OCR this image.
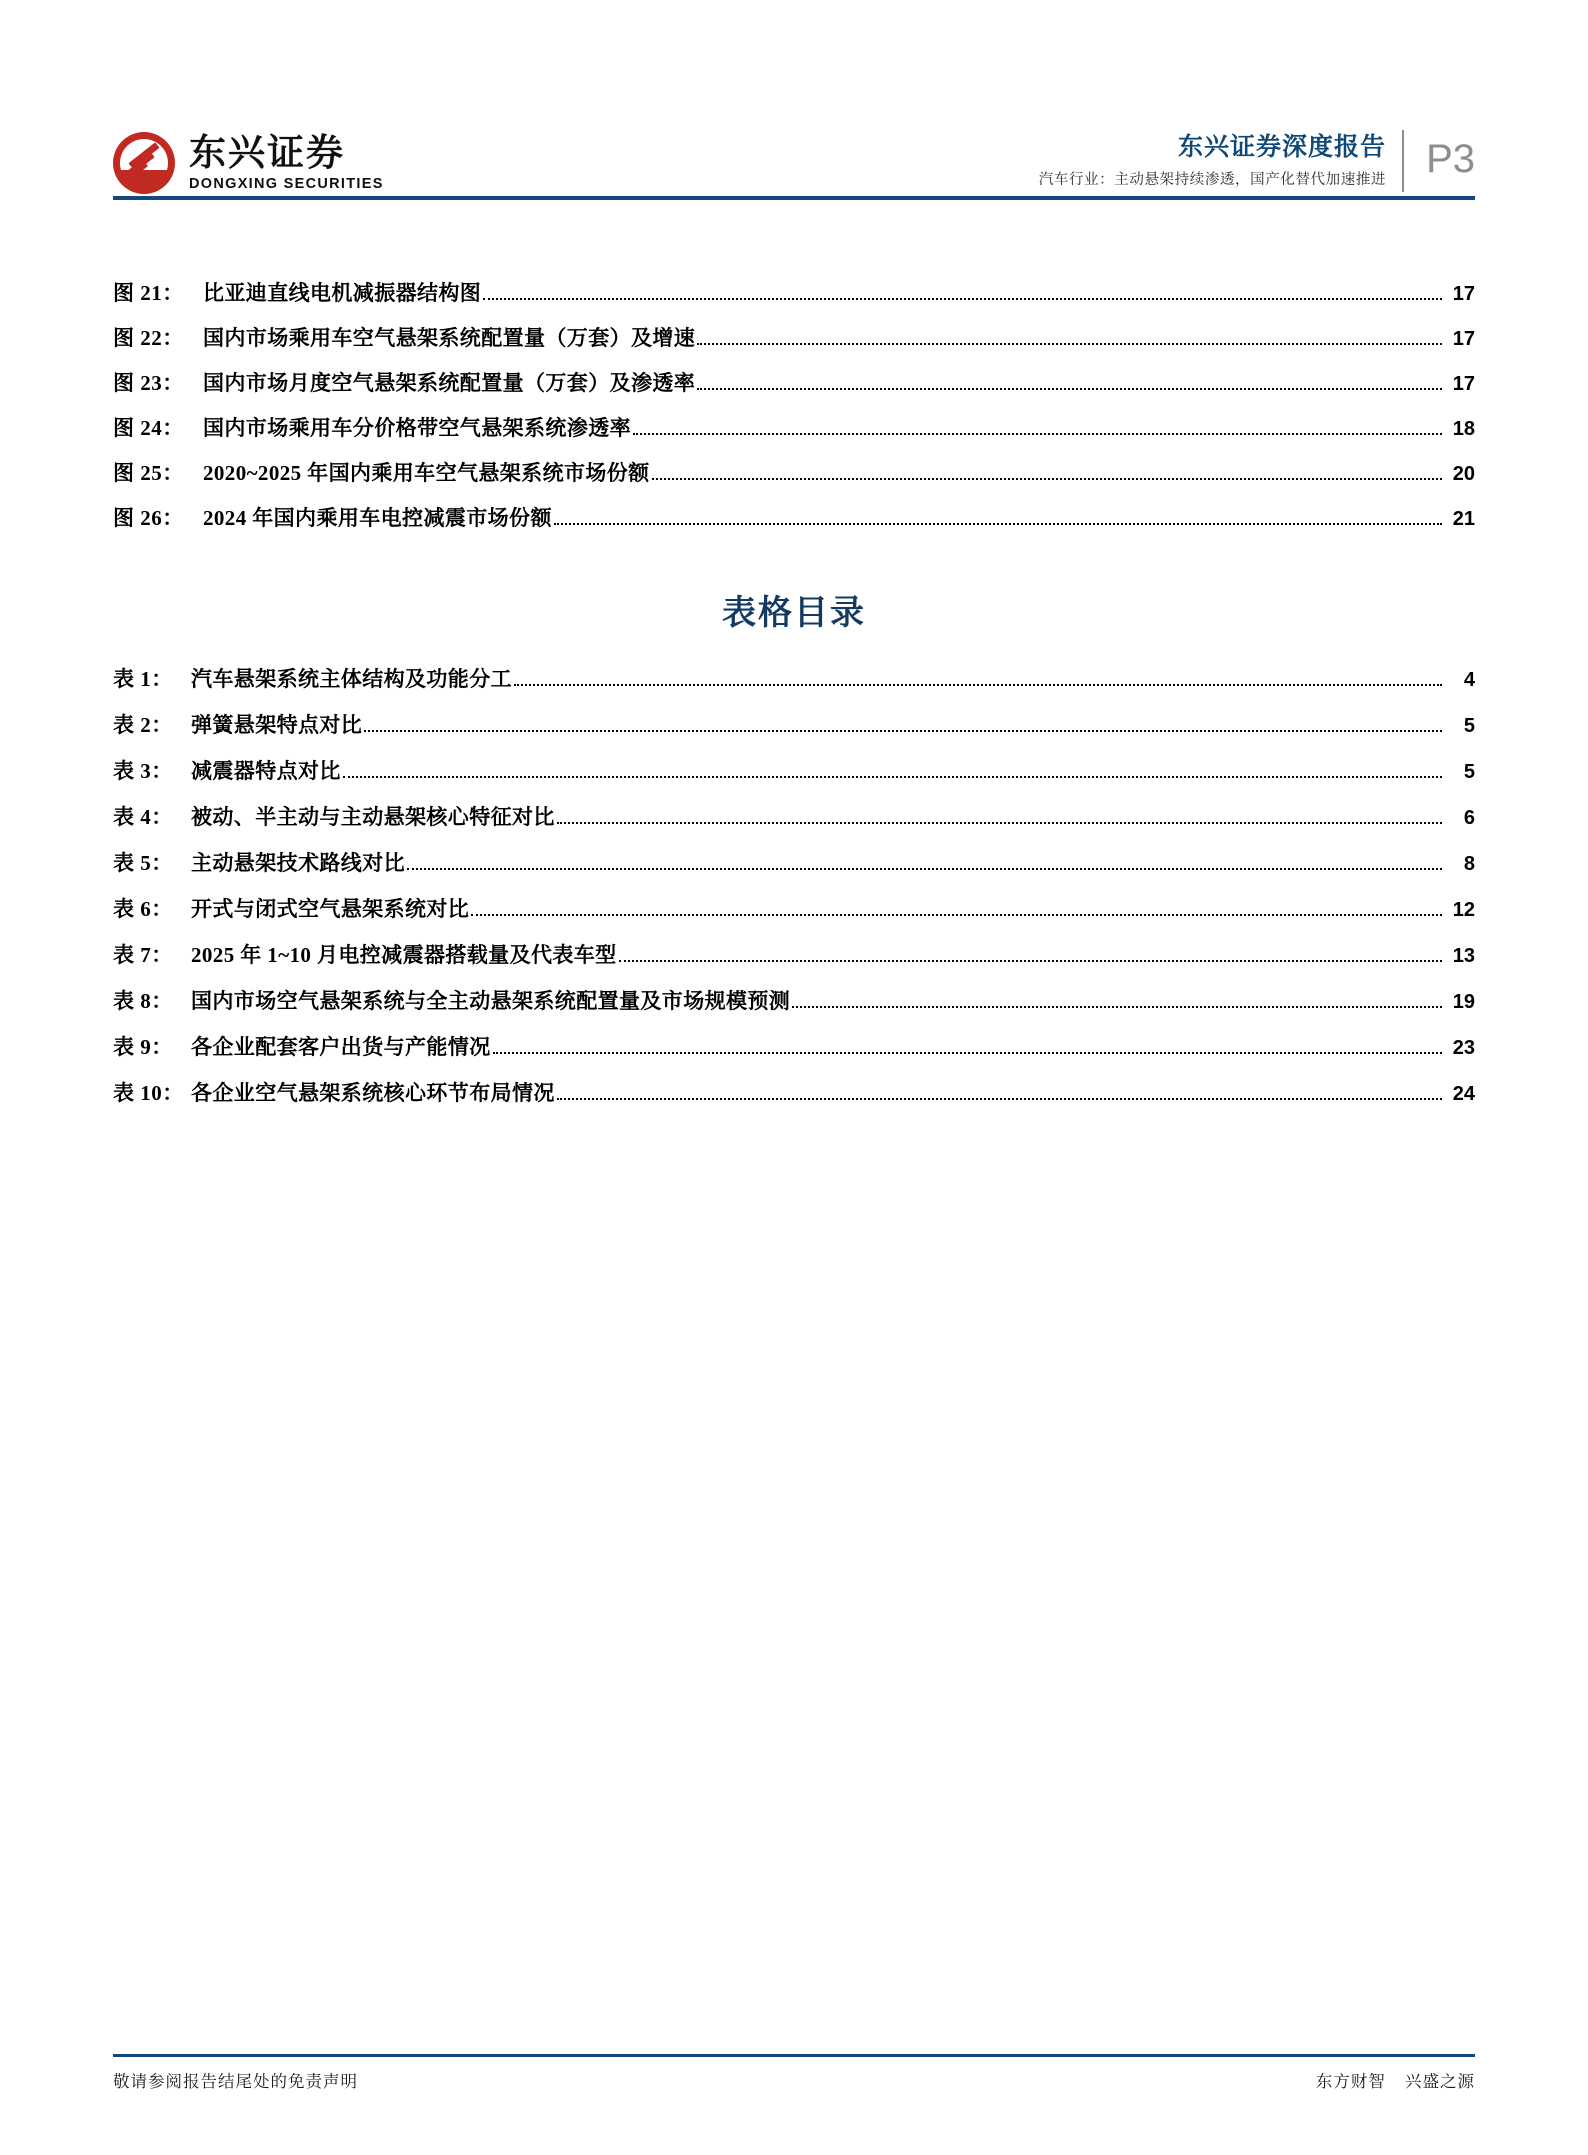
东兴证券
DONGXING SECURITIES
东兴证券深度报告
汽车行业：主动悬架持续渗透，国产化替代加速推进 P3
图 21： 比亚迪直线电机减振器结构图	17
图 22： 国内市场乘用车空气悬架系统配置量（万套）及增速	17
图 23： 国内市场月度空气悬架系统配置量（万套）及渗透率	17
图 24： 国内市场乘用车分价格带空气悬架系统渗透率	18
图 25： 2020~2025 年国内乘用车空气悬架系统市场份额	20
图 26： 2024 年国内乘用车电控减震市场份额	21
表格目录
表 1： 汽车悬架系统主体结构及功能分工	4
表 2： 弹簧悬架特点对比	5
表 3： 减震器特点对比	5
表 4： 被动、半主动与主动悬架核心特征对比	6
表 5： 主动悬架技术路线对比	8
表 6： 开式与闭式空气悬架系统对比	12
表 7： 2025 年 1~10 月电控减震器搭载量及代表车型	13
表 8： 国内市场空气悬架系统与全主动悬架系统配置量及市场规模预测	19
表 9： 各企业配套客户出货与产能情况	23
表 10： 各企业空气悬架系统核心环节布局情况	24
敬请参阅报告结尾处的免责声明	东方财智 兴盛之源
